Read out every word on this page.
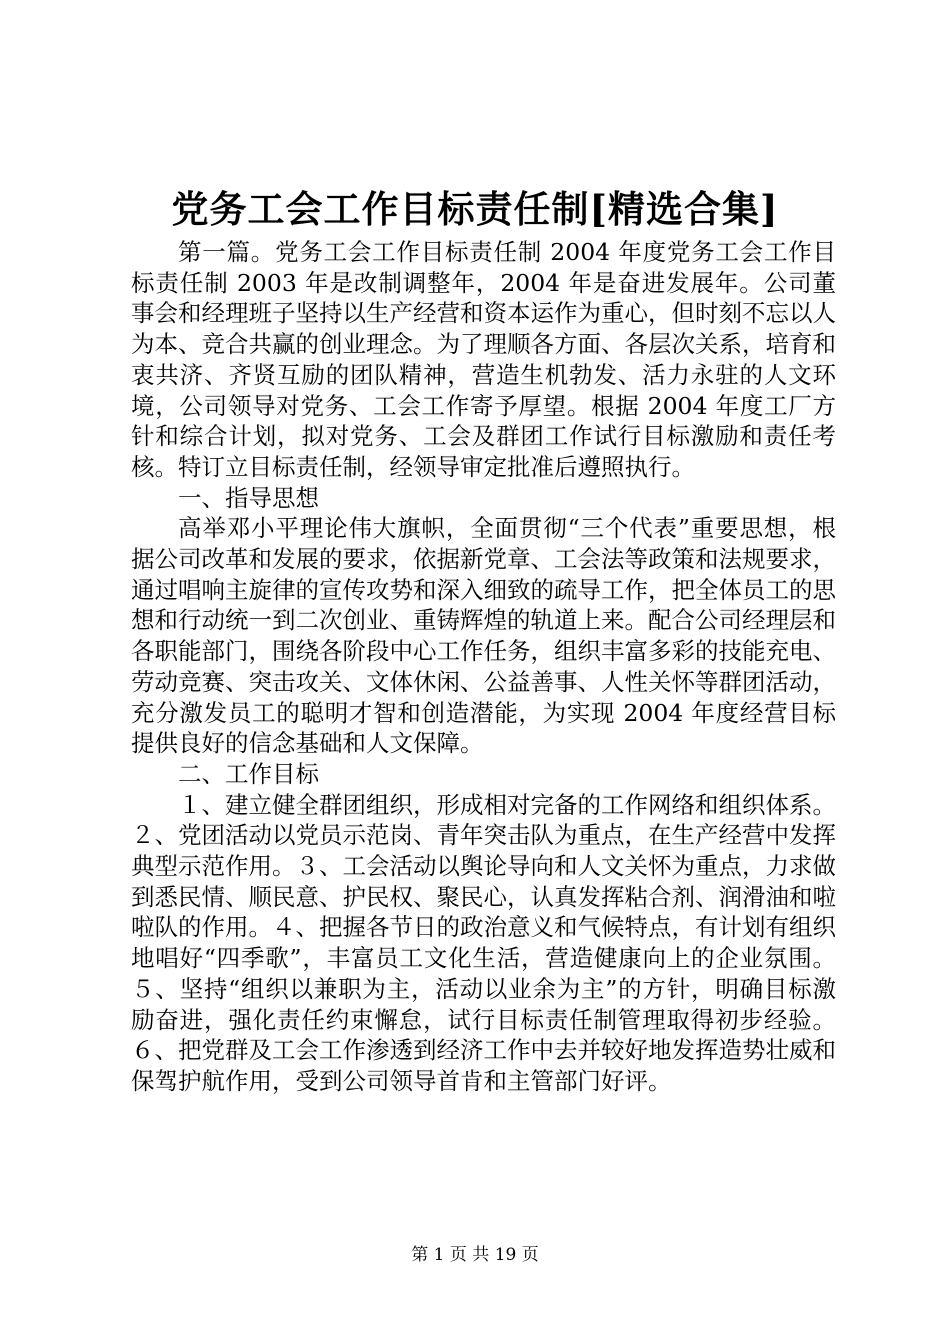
党务工会工作目标责任制[精选合集]

第一篇。党务工会工作目标责任制 2004 年度党务工会工作目标责任制 2003 年是改制调整年，2004 年是奋进发展年。公司董事会和经理班子坚持以生产经营和资本运作为重心，但时刻不忘以人为本、竞合共赢的创业理念。为了理顺各方面、各层次关系，培育和衷共济、齐贤互励的团队精神，营造生机勃发、活力永驻的人文环境，公司领导对党务、工会工作寄予厚望。根据 2004 年度工厂方针和综合计划，拟对党务、工会及群团工作试行目标激励和责任考核。特订立目标责任制，经领导审定批准后遵照执行。

一、指导思想

高举邓小平理论伟大旗帜，全面贯彻“三个代表”重要思想，根据公司改革和发展的要求，依据新党章、工会法等政策和法规要求，通过唱响主旋律的宣传攻势和深入细致的疏导工作，把全体员工的思想和行动统一到二次创业、重铸辉煌的轨道上来。配合公司经理层和各职能部门，围绕各阶段中心工作任务，组织丰富多彩的技能充电、劳动竞赛、突击攻关、文体休闲、公益善事、人性关怀等群团活动，充分激发员工的聪明才智和创造潜能，为实现 2004 年度经营目标提供良好的信念基础和人文保障。

二、工作目标

１、建立健全群团组织，形成相对完备的工作网络和组织体系。２、党团活动以党员示范岗、青年突击队为重点，在生产经营中发挥典型示范作用。３、工会活动以舆论导向和人文关怀为重点，力求做到悉民情、顺民意、护民权、聚民心，认真发挥粘合剂、润滑油和啦啦队的作用。４、把握各节日的政治意义和气候特点，有计划有组织地唱好“四季歌”，丰富员工文化生活，营造健康向上的企业氛围。５、坚持“组织以兼职为主，活动以业余为主”的方针，明确目标激励奋进，强化责任约束懈怠，试行目标责任制管理取得初步经验。６、把党群及工会工作渗透到经济工作中去并较好地发挥造势壮威和保驾护航作用，受到公司领导首肯和主管部门好评。

第 1 页 共 19 页
